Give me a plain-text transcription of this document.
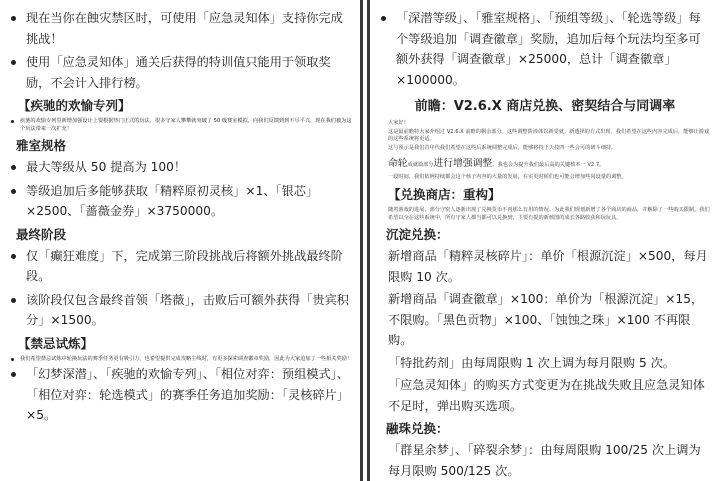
现在当你在蝕灾禁区时，可使用「应急灵知体」支持你完成挑战！
使用「应急灵知体」通关后获得的特训值只能用于领取奖励，不会计入排行榜。
【疾驰的欢愉专列】
疾驰的欢愉专列里新增加强设计上要根据热门正式的玩法，很多守家人攀攀就突破了 50 级赛室模拟。向我们反馈到到不尽平兴，现在我们被为这个玩法带来一次扩充！
雅室规格
最大等级从 50 提高为 100！
等级追加后多能够获取「精粹原初灵核」×1、「银芯」×2500、「蔷薇金券」×3750000。
最终阶段
仅「癫狂难度」下，完成第三阶段挑战后将额外挑战最终阶段。
该阶段仅包含最终首领「塔薇」，击败后可额外获得「贵宾积分」×1500。
【禁忌试炼】
我们希望禁忌试炼中轮换玩法的赛季任务更有吸引力，也希望提供完成攻略主线时，有更多探索调查徽章奖励，因此为大家追加了一些相关奖励！
「幻梦深潜」、「疾驰的欢愉专列」、「相位对弈：预组模式」、「相位对弈：轮选模式」的赛季任务追加奖励：「灵核碎片」×5。
「深潜等级」、「雅室规格」、「预组等级」、「轮选等级」每个等级追加「调查徽章」奖励，追加后每个玩法均至多可额外获得「调查徽章」×25000，总计「调查徽章」×100000。
前瞻：V2.6.X 商店兑换、密契结合与同调率
大家好！
这是最前瞻特大家介绍过 V2.6.X 前瞻的剩余部分。这些调整阶涉体以新受就。新透择的方式出现，我们希望在这些内容完成后，能够让游戏的这些系统将更适。
这与预示是我们首年代我们希望在这些后系统调整完成后，能够将持王天技四一些会可的研斗细持。
命轮成就篇部分进行增强调整。我也会为提升我们最后高的关键核本一 V2.7。
一段时间，我们依例持续都会这个核子内容的大量的发展，在实更时候们也可能会增加些同设量的调整。
【兑换商店：重构】
随着游戏的进展，部分守密人逐新出现了兑换货币不再那么有用的情况。为此我们规划新增了各个商店的商品，并解除了一些购买限制。我们希望以全在这些系统中，所有守家人都当都可以兑换到，主要有提的新核图的成长各路收获和玩玩具。
沉淀兑换：
新增商品「精粹灵核碎片」：单价「根源沉淀」×500，每月限购 10 次。
新增商品「调查徽章」×100：单价为「根源沉淀」×15，不限购。「黑色贡物」×100、「蚀蚀之珠」×100 不再限购。
「特批药剂」由每周限购 1 次上调为每月限购 5 次。
「应急灵知体」的购买方式变更为在挑战失败且应急灵知体不足时，弹出购买选项。
融珠兑换：
「群星余梦」、「碎裂余梦」：由每周限购 100/25 次上调为每月限购 500/125 次。
